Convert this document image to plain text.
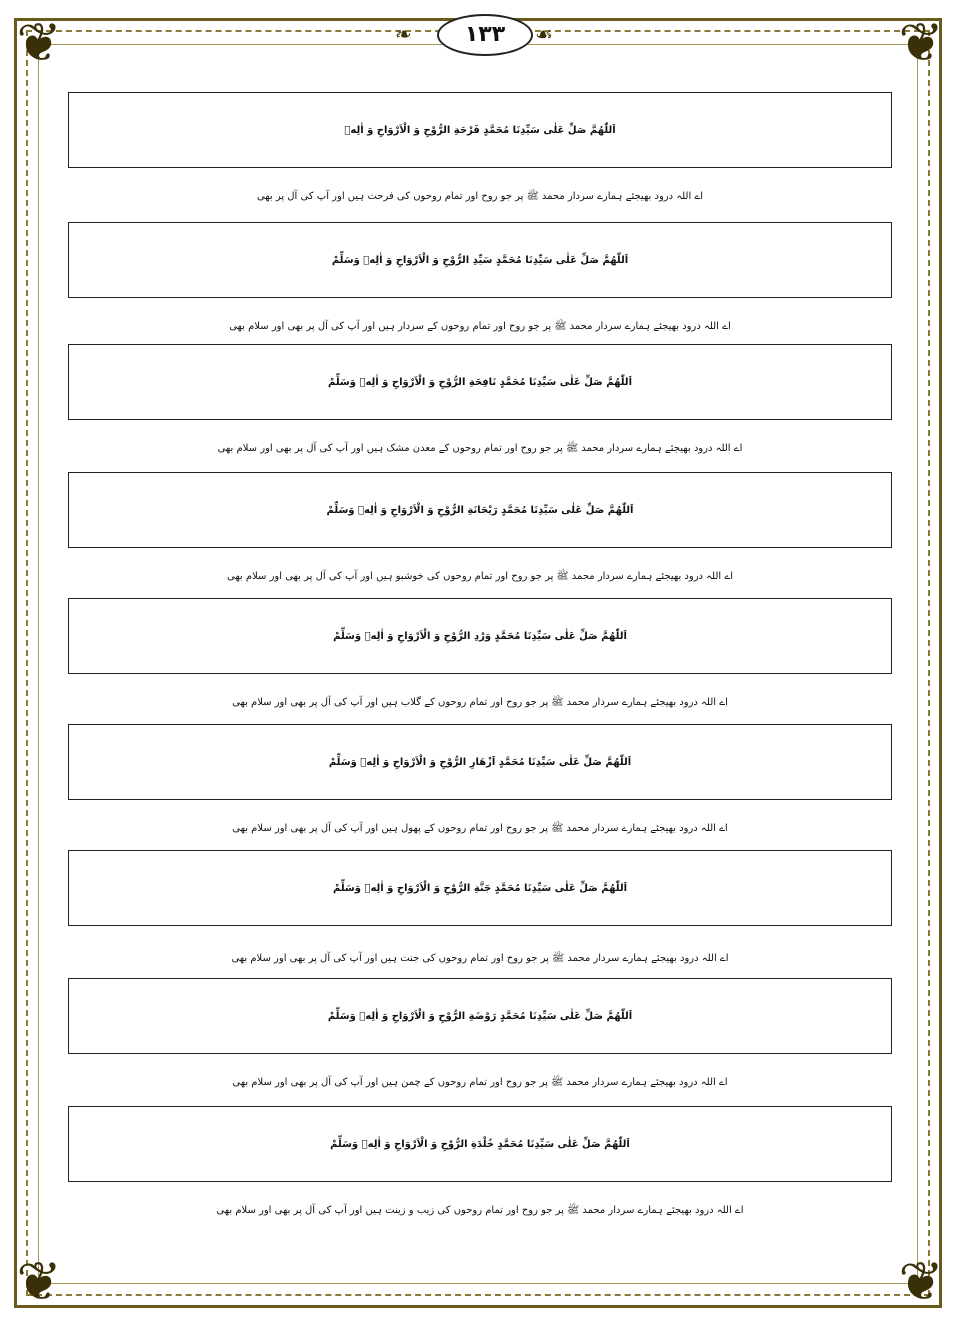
❦	❦
❦	❦
❧	۱۳۳	☙
اَللّٰهُمَّ صَلِّ عَلٰى سَيِّدِنَا مُحَمَّدٍ فَرْحَةِ الرُّوْحِ وَ الْاَرْوَاحِ وَ اٰلِهٖ
اے اللہ درود بھیجئے ہمارے سردار محمد ﷺ پر جو روح اور تمام روحوں کی فرحت ہیں اور آپ کی آل پر بھی
اَللّٰهُمَّ صَلِّ عَلٰى سَيِّدِنَا مُحَمَّدٍ سَيِّدِ الرُّوْحِ وَ الْاَرْوَاحِ وَ اٰلِهٖ وَسَلِّمْ
اے اللہ درود بھیجئے ہمارے سردار محمد ﷺ پر جو روح اور تمام روحوں کے سردار ہیں اور آپ کی آل پر بھی اور سلام بھی
اَللّٰهُمَّ صَلِّ عَلٰى سَيِّدِنَا مُحَمَّدٍ نَافِحَةِ الرُّوْحِ وَ الْاَرْوَاحِ وَ اٰلِهٖ وَسَلِّمْ
اے اللہ درود بھیجئے ہمارے سردار محمد ﷺ پر جو روح اور تمام روحوں کے معدن مشک ہیں اور آپ کی آل پر بھی اور سلام بھی
اَللّٰهُمَّ صَلِّ عَلٰى سَيِّدِنَا مُحَمَّدٍ رَيْحَانَةِ الرُّوْحِ وَ الْاَرْوَاحِ وَ اٰلِهٖ وَسَلِّمْ
اے اللہ درود بھیجئے ہمارے سردار محمد ﷺ پر جو روح اور تمام روحوں کی خوشبو ہیں اور آپ کی آل پر بھی اور سلام بھی
اَللّٰهُمَّ صَلِّ عَلٰى سَيِّدِنَا مُحَمَّدٍ وَرْدِ الرُّوْحِ وَ الْاَرْوَاحِ وَ اٰلِهٖ وَسَلِّمْ
اے اللہ درود بھیجئے ہمارے سردار محمد ﷺ پر جو روح اور تمام روحوں کے گلاب ہیں اور آپ کی آل پر بھی اور سلام بھی
اَللّٰهُمَّ صَلِّ عَلٰى سَيِّدِنَا مُحَمَّدٍ اَزْهَارِ الرُّوْحِ وَ الْاَرْوَاحِ وَ اٰلِهٖ وَسَلِّمْ
اے اللہ درود بھیجئے ہمارے سردار محمد ﷺ پر جو روح اور تمام روحوں کے پھول ہیں اور آپ کی آل پر بھی اور سلام بھی
اَللّٰهُمَّ صَلِّ عَلٰى سَيِّدِنَا مُحَمَّدٍ جَنَّةِ الرُّوْحِ وَ الْاَرْوَاحِ وَ اٰلِهٖ وَسَلِّمْ
اے اللہ درود بھیجئے ہمارے سردار محمد ﷺ پر جو روح اور تمام روحوں کی جنت ہیں اور آپ کی آل پر بھی اور سلام بھی
اَللّٰهُمَّ صَلِّ عَلٰى سَيِّدِنَا مُحَمَّدٍ رَوْضَةِ الرُّوْحِ وَ الْاَرْوَاحِ وَ اٰلِهٖ وَسَلِّمْ
اے اللہ درود بھیجئے ہمارے سردار محمد ﷺ پر جو روح اور تمام روحوں کے چمن ہیں اور آپ کی آل پر بھی اور سلام بھی
اَللّٰهُمَّ صَلِّ عَلٰى سَيِّدِنَا مُحَمَّدٍ خُلْدَةِ الرُّوْحِ وَ الْاَرْوَاحِ وَ اٰلِهٖ وَسَلِّمْ
اے اللہ درود بھیجئے ہمارے سردار محمد ﷺ پر جو روح اور تمام روحوں کی زیب و زینت ہیں اور آپ کی آل پر بھی اور سلام بھی
